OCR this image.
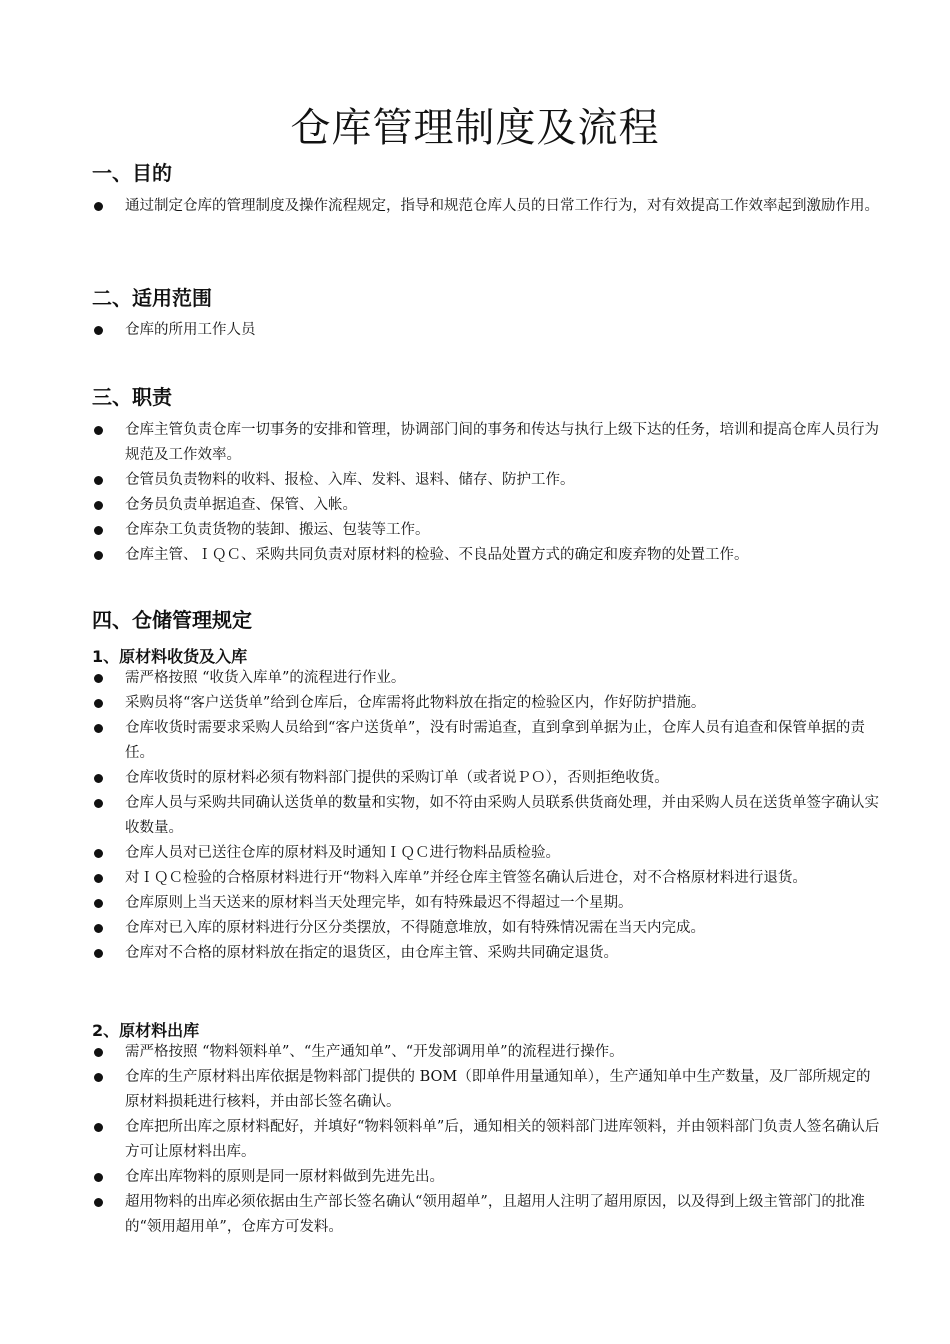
仓库管理制度及流程
一、目的
通过制定仓库的管理制度及操作流程规定，指导和规范仓库人员的日常工作行为，对有效提高工作效率起到激励作用。
二、适用范围
仓库的所用工作人员
三、职责
仓库主管负责仓库一切事务的安排和管理，协调部门间的事务和传达与执行上级下达的任务，培训和提高仓库人员行为规范及工作效率。
仓管员负责物料的收料、报检、入库、发料、退料、储存、防护工作。
仓务员负责单据追查、保管、入帐。
仓库杂工负责货物的装卸、搬运、包装等工作。
仓库主管、ＩＱＣ、采购共同负责对原材料的检验、不良品处置方式的确定和废弃物的处置工作。
四、仓储管理规定
1、原材料收货及入库
需严格按照 “收货入库单”的流程进行作业。
采购员将“客户送货单”给到仓库后，仓库需将此物料放在指定的检验区内，作好防护措施。
仓库收货时需要求采购人员给到“客户送货单”，没有时需追查，直到拿到单据为止，仓库人员有追查和保管单据的责任。
仓库收货时的原材料必须有物料部门提供的采购订单（或者说ＰＯ），否则拒绝收货。
仓库人员与采购共同确认送货单的数量和实物，如不符由采购人员联系供货商处理，并由采购人员在送货单签字确认实收数量。
仓库人员对已送往仓库的原材料及时通知ＩＱＣ进行物料品质检验。
对ＩＱＣ检验的合格原材料进行开“物料入库单”并经仓库主管签名确认后进仓，对不合格原材料进行退货。
仓库原则上当天送来的原材料当天处理完毕，如有特殊最迟不得超过一个星期。
仓库对已入库的原材料进行分区分类摆放，不得随意堆放，如有特殊情况需在当天内完成。
仓库对不合格的原材料放在指定的退货区，由仓库主管、采购共同确定退货。
2、原材料出库
需严格按照 “物料领料单”、“生产通知单”、“开发部调用单”的流程进行操作。
仓库的生产原材料出库依据是物料部门提供的 BOM（即单件用量通知单），生产通知单中生产数量，及厂部所规定的原材料损耗进行核料，并由部长签名确认。
仓库把所出库之原材料配好，并填好“物料领料单”后，通知相关的领料部门进库领料，并由领料部门负责人签名确认后方可让原材料出库。
仓库出库物料的原则是同一原材料做到先进先出。
超用物料的出库必须依据由生产部长签名确认“领用超单”，且超用人注明了超用原因，以及得到上级主管部门的批准的“领用超用单”，仓库方可发料。
